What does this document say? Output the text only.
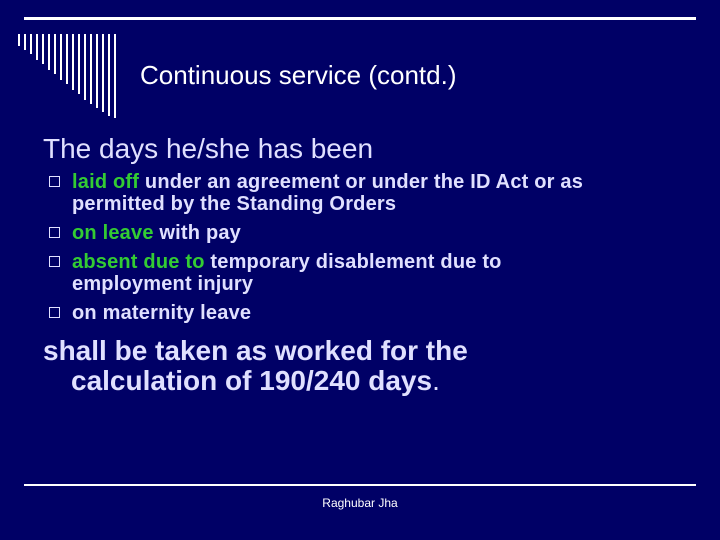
Continuous service (contd.)
The days he/she has been
laid off under an agreement or under the ID Act or as
permitted by the Standing Orders
on leave with pay
absent due to temporary disablement due to
employment injury
on maternity leave
shall be taken as worked for the
calculation of 190/240 days.
Raghubar Jha
